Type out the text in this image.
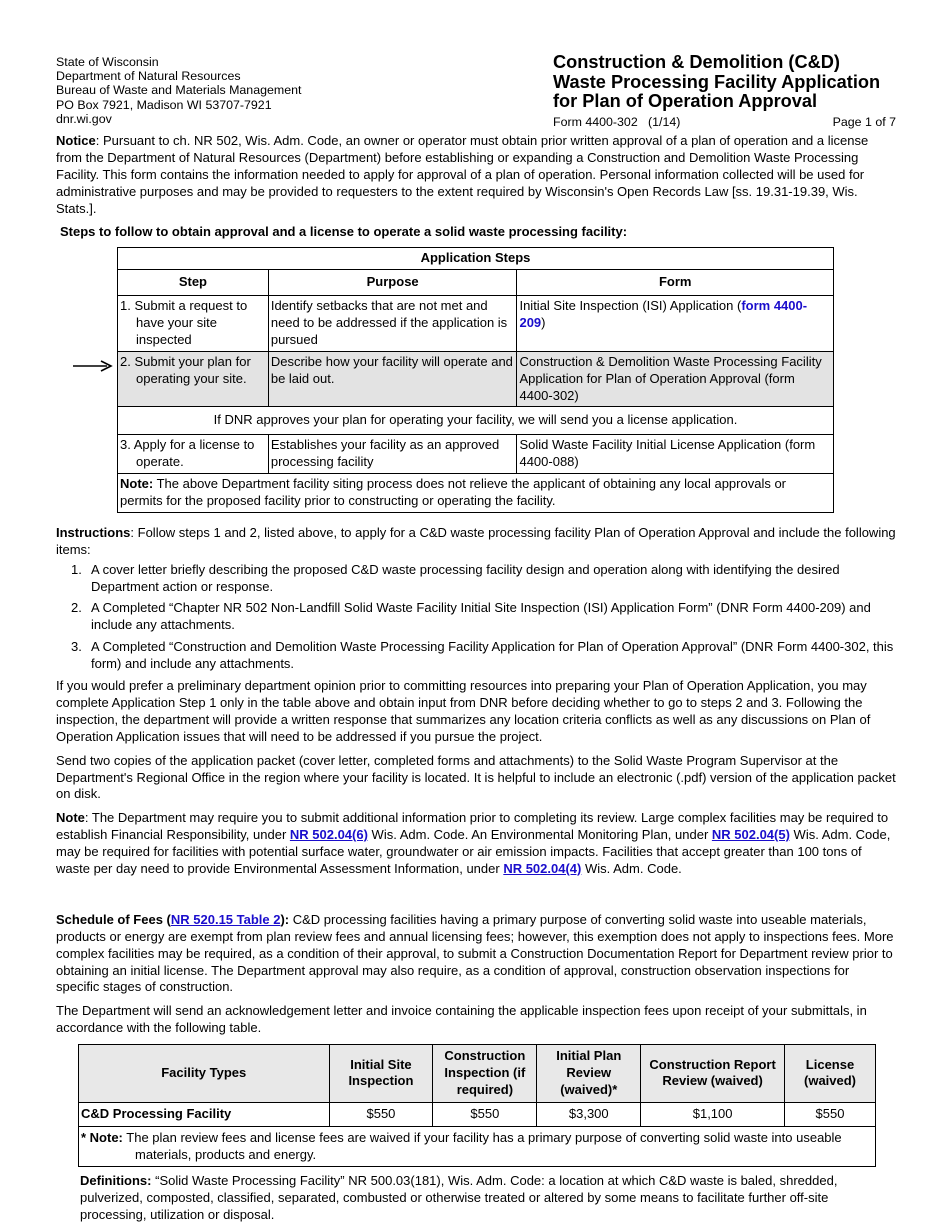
State of Wisconsin
Department of Natural Resources
Bureau of Waste and Materials Management
PO Box 7921, Madison WI 53707-7921
dnr.wi.gov
Construction & Demolition (C&D)
Waste Processing Facility Application
for Plan of Operation Approval
Form 4400-302   (1/14)	Page 1 of 7

Notice: Pursuant to ch. NR 502, Wis. Adm. Code, an owner or operator must obtain prior written approval of a plan of operation and a license from the Department of Natural Resources (Department) before establishing or expanding a Construction and Demolition Waste Processing Facility. This form contains the information needed to apply for approval of a plan of operation. Personal information collected will be used for administrative purposes and may be provided to requesters to the extent required by Wisconsin's Open Records Law [ss. 19.31-19.39, Wis. Stats.].

Steps to follow to obtain approval and a license to operate a solid waste processing facility:
Application Steps		
Step	Purpose	Form

1. Submit a request to have your site inspected	Identify setbacks that are not met and need to be addressed if the application is pursued	Initial Site Inspection (ISI) Application (form 4400-209)

2. Submit your plan for operating your site.	Describe how your facility will operate and be laid out.	Construction & Demolition Waste Processing Facility Application for Plan of Operation Approval (form 4400-302)
If DNR approves your plan for operating your facility, we will send you a license application.		

3. Apply for a license to operate.	Establishes your facility as an approved processing facility	Solid Waste Facility Initial License Application (form 4400-088)
Note: The above Department facility siting process does not relieve the applicant of obtaining any local approvals or permits for the proposed facility prior to constructing or operating the facility.		

Instructions: Follow steps 1 and 2, listed above, to apply for a C&D waste processing facility Plan of Operation Approval and include the following items:

1. A cover letter briefly describing the proposed C&D waste processing facility design and operation along with identifying the desired Department action or response.
2. A Completed “Chapter NR 502 Non-Landfill Solid Waste Facility Initial Site Inspection (ISI) Application Form” (DNR Form 4400-209) and include any attachments.
3. A Completed “Construction and Demolition Waste Processing Facility Application for Plan of Operation Approval” (DNR Form 4400-302, this form) and include any attachments.

If you would prefer a preliminary department opinion prior to committing resources into preparing your Plan of Operation Application, you may complete Application Step 1 only in the table above and obtain input from DNR before deciding whether to go to steps 2 and 3. Following the inspection, the department will provide a written response that summarizes any location criteria conflicts as well as any discussions on Plan of Operation Application issues that will need to be addressed if you pursue the project.

Send two copies of the application packet (cover letter, completed forms and attachments) to the Solid Waste Program Supervisor at the Department's Regional Office in the region where your facility is located. It is helpful to include an electronic (.pdf) version of the application packet on disk.

Note: The Department may require you to submit additional information prior to completing its review. Large complex facilities may be required to establish Financial Responsibility, under NR 502.04(6) Wis. Adm. Code. An Environmental Monitoring Plan, under NR 502.04(5) Wis. Adm. Code, may be required for facilities with potential surface water, groundwater or air emission impacts. Facilities that accept greater than 100 tons of waste per day need to provide Environmental Assessment Information, under NR 502.04(4) Wis. Adm. Code.

Schedule of Fees (NR 520.15 Table 2): C&D processing facilities having a primary purpose of converting solid waste into useable materials, products or energy are exempt from plan review fees and annual licensing fees; however, this exemption does not apply to inspections fees. More complex facilities may be required, as a condition of their approval, to submit a Construction Documentation Report for Department review prior to obtaining an initial license. The Department approval may also require, as a condition of approval, construction observation inspections for specific stages of construction.

The Department will send an acknowledgement letter and invoice containing the applicable inspection fees upon receipt of your submittals, in accordance with the following table.

Facility Types	Initial Site Inspection	Construction Inspection (if required)	Initial Plan Review (waived)*	Construction Report Review (waived)	License (waived)
C&D Processing Facility	$550	$550	$3,300	$1,100	$550

* Note: The plan review fees and license fees are waived if your facility has a primary purpose of converting solid waste into useable materials, products and energy.					

Definitions: “Solid Waste Processing Facility” NR 500.03(181), Wis. Adm. Code: a location at which C&D waste is baled, shredded, pulverized, composted, classified, separated, combusted or otherwise treated or altered by some means to facilitate further off-site processing, utilization or disposal.
